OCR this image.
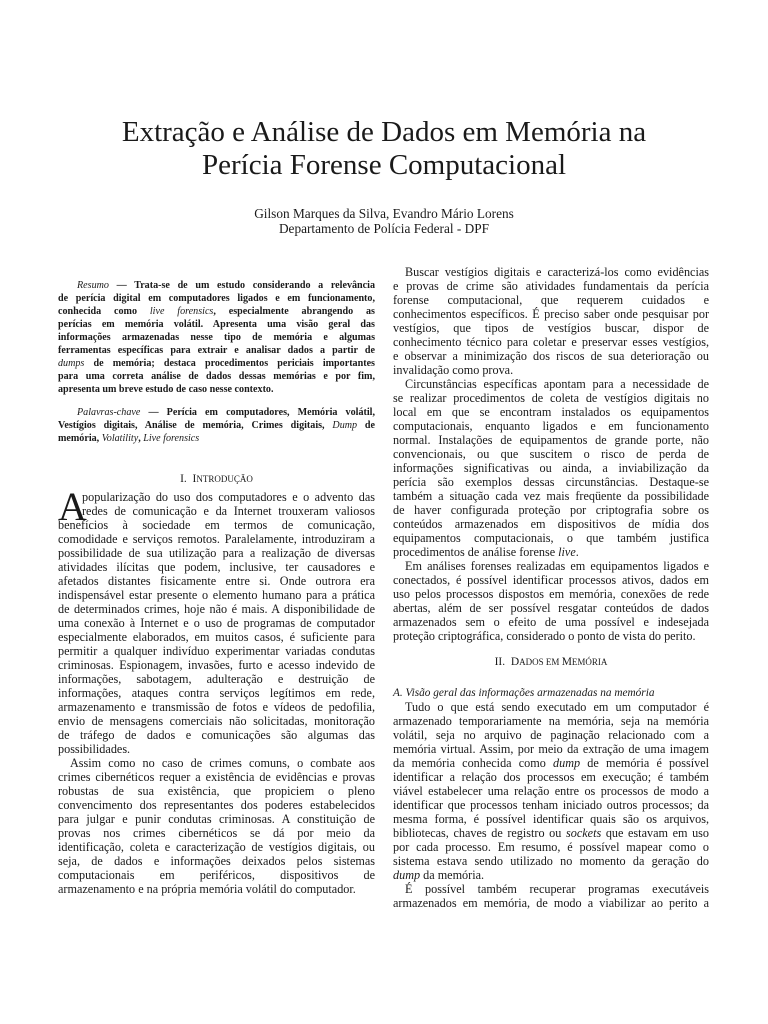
Extração e Análise de Dados em Memória na
Perícia Forense Computacional
Gilson Marques da Silva, Evandro Mário Lorens
Departamento de Polícia Federal - DPF
Resumo — Trata-se de um estudo considerando a relevância
de perícia digital em computadores ligados e em funcionamento,
conhecida como live forensics, especialmente abrangendo as
perícias em memória volátil. Apresenta uma visão geral das
informações armazenadas nesse tipo de memória e algumas
ferramentas específicas para extrair e analisar dados a partir de
dumps de memória; destaca procedimentos periciais importantes
para uma correta análise de dados dessas memórias e por fim,
apresenta um breve estudo de caso nesse contexto.
Palavras-chave — Perícia em computadores, Memória volátil,
Vestígios digitais, Análise de memória, Crimes digitais, Dump de
memória, Volatility, Live forensics
I. INTRODUÇÃO
A
popularização do uso dos computadores e o advento das
redes de comunicação e da Internet trouxeram valiosos
benefícios à sociedade em termos de comunicação,
comodidade e serviços remotos. Paralelamente, introduziram a
possibilidade de sua utilização para a realização de diversas
atividades ilícitas que podem, inclusive, ter causadores e
afetados distantes fisicamente entre si. Onde outrora era
indispensável estar presente o elemento humano para a prática
de determinados crimes, hoje não é mais. A disponibilidade de
uma conexão à Internet e o uso de programas de computador
especialmente elaborados, em muitos casos, é suficiente para
permitir a qualquer indivíduo experimentar variadas condutas
criminosas. Espionagem, invasões, furto e acesso indevido de
informações, sabotagem, adulteração e destruição de
informações, ataques contra serviços legítimos em rede,
armazenamento e transmissão de fotos e vídeos de pedofilia,
envio de mensagens comerciais não solicitadas, monitoração
de tráfego de dados e comunicações são algumas das
possibilidades.
Assim como no caso de crimes comuns, o combate aos
crimes cibernéticos requer a existência de evidências e provas
robustas de sua existência, que propiciem o pleno
convencimento dos representantes dos poderes estabelecidos
para julgar e punir condutas criminosas. A constituição de
provas nos crimes cibernéticos se dá por meio da
identificação, coleta e caracterização de vestígios digitais, ou
seja, de dados e informações deixados pelos sistemas
computacionais em periféricos, dispositivos de
armazenamento e na própria memória volátil do computador.
Buscar vestígios digitais e caracterizá-los como evidências
e provas de crime são atividades fundamentais da perícia
forense computacional, que requerem cuidados e
conhecimentos específicos. É preciso saber onde pesquisar por
vestígios, que tipos de vestígios buscar, dispor de
conhecimento técnico para coletar e preservar esses vestígios,
e observar a minimização dos riscos de sua deterioração ou
invalidação como prova.
Circunstâncias específicas apontam para a necessidade de
se realizar procedimentos de coleta de vestígios digitais no
local em que se encontram instalados os equipamentos
computacionais, enquanto ligados e em funcionamento
normal. Instalações de equipamentos de grande porte, não
convencionais, ou que suscitem o risco de perda de
informações significativas ou ainda, a inviabilização da
perícia são exemplos dessas circunstâncias. Destaque-se
também a situação cada vez mais freqüente da possibilidade
de haver configurada proteção por criptografia sobre os
conteúdos armazenados em dispositivos de mídia dos
equipamentos computacionais, o que também justifica
procedimentos de análise forense live.
Em análises forenses realizadas em equipamentos ligados e
conectados, é possível identificar processos ativos, dados em
uso pelos processos dispostos em memória, conexões de rede
abertas, além de ser possível resgatar conteúdos de dados
armazenados sem o efeito de uma possível e indesejada
proteção criptográfica, considerado o ponto de vista do perito.
II. DADOS EM MEMÓRIA
A. Visão geral das informações armazenadas na memória
Tudo o que está sendo executado em um computador é
armazenado temporariamente na memória, seja na memória
volátil, seja no arquivo de paginação relacionado com a
memória virtual. Assim, por meio da extração de uma imagem
da memória conhecida como dump de memória é possível
identificar a relação dos processos em execução; é também
viável estabelecer uma relação entre os processos de modo a
identificar que processos tenham iniciado outros processos; da
mesma forma, é possível identificar quais são os arquivos,
bibliotecas, chaves de registro ou sockets que estavam em uso
por cada processo. Em resumo, é possível mapear como o
sistema estava sendo utilizado no momento da geração do
dump da memória.
É possível também recuperar programas executáveis
armazenados em memória, de modo a viabilizar ao perito a
